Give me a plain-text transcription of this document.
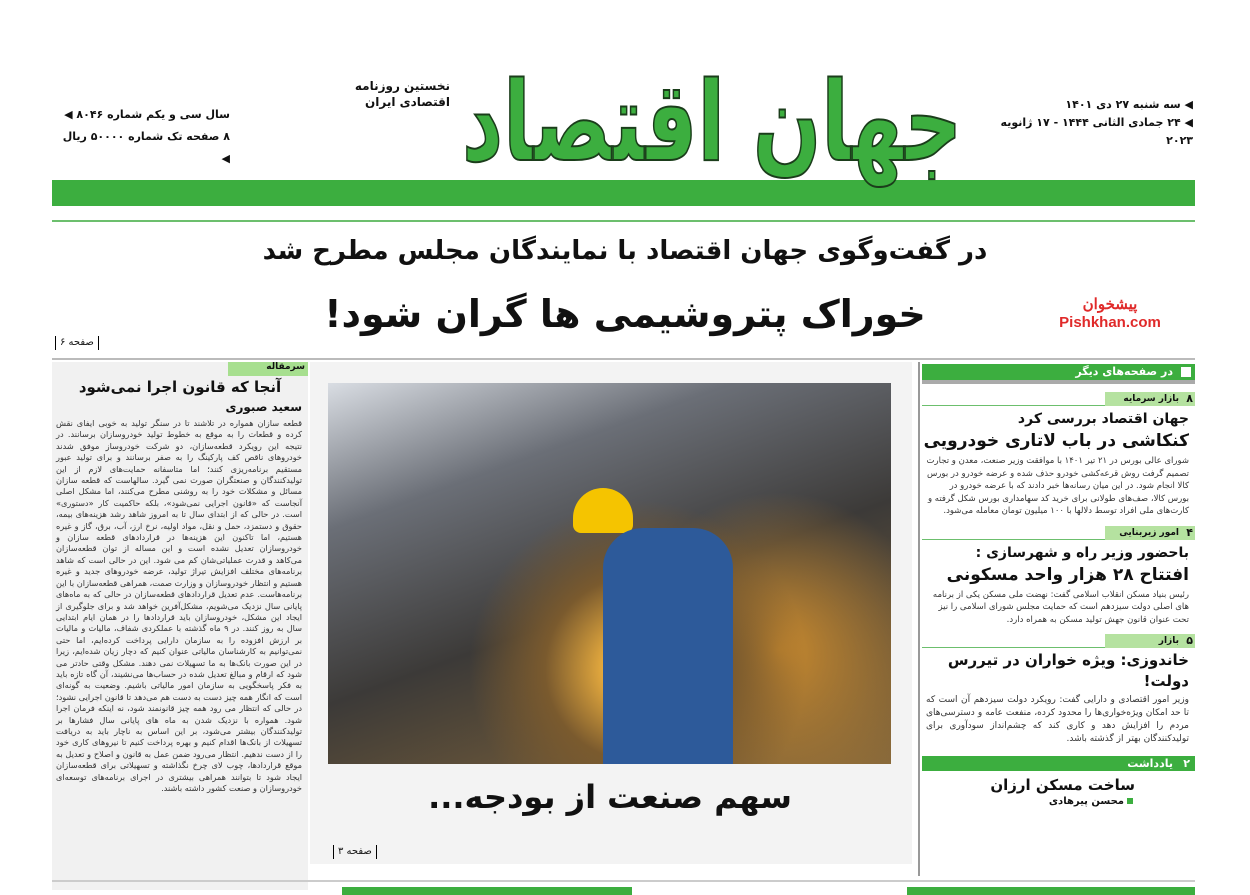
جهان اقتصاد
نخستین روزنامه
اقتصادی ایران
سال سی و یکم شماره ۸۰۴۶ ◀
۸ صفحه تک شماره ۵۰۰۰۰ ریال ◀
◀ سه شنبه ۲۷ دی ۱۴۰۱
◀ ۲۴ جمادی الثانی ۱۴۴۴ - ۱۷ ژانویه ۲۰۲۳
در گفت‌وگوی جهان اقتصاد با نمایندگان مجلس مطرح شد
خوراک پتروشیمی ها گران شود!	پیشخوان
Pishkhan.com
صفحه ۶
سرمقاله
آنجا که قانون اجرا نمی‌شود
سعید صبوری
قطعه سازان همواره در تلاشند تا در سنگر تولید به خوبی ایفای نقش کرده و قطعات را به موقع به خطوط تولید خودروسازان برسانند. در نتیجه این رویکرد قطعه‌سازان، دو شرکت خودروساز موفق شدند خودروهای ناقص کف پارکینگ را به صفر برسانند و برای تولید عبور مستقیم برنامه‌ریزی کنند؛ اما متاسفانه حمایت‌های لازم از این تولیدکنندگان و صنعتگران صورت نمی گیرد. سالهاست که قطعه سازان مسائل و مشکلات خود را به روشنی مطرح می‌کنند، اما مشکل اصلی آنجاست که «قانون اجرایی نمی‌شود»، بلکه حاکمیت کار «دستوری» است. در حالی که از ابتدای سال تا به امروز شاهد رشد هزینه‌های بیمه، حقوق و دستمزد، حمل و نقل، مواد اولیه، نرخ ارز، آب، برق، گاز و غیره هستیم، اما تاکنون این هزینه‌ها در قراردادهای قطعه سازان و خودروسازان تعدیل نشده است و این مساله از توان قطعه‌سازان می‌کاهد و قدرت عملیاتی‌شان کم می شود. این در حالی است که شاهد برنامه‌های مختلف افزایش تیراژ تولید، عرضه خودروهای جدید و غیره هستیم و انتظار خودروسازان و وزارت صمت، همراهی قطعه‌سازان با این برنامه‌هاست. عدم تعدیل قراردادهای قطعه‌سازان در حالی که به ماه‌های پایانی سال نزدیک می‌شویم، مشکل‌آفرین خواهد شد و برای جلوگیری از ایجاد این مشکل، خودروسازان باید قراردادها را در همان ایام ابتدایی سال به روز کنند. در ۹ ماه گذشته با عملکردی شفاف، مالیات و مالیات بر ارزش افزوده را به سازمان دارایی پرداخت کرده‌ایم، اما حتی نمی‌توانیم به کارشناسان مالیاتی عنوان کنیم که دچار زیان شده‌ایم، زیرا در این صورت بانک‌ها به ما تسهیلات نمی دهند. مشکل وقتی حادتر می شود که ارقام و مبالغ تعدیل شده در حساب‌ها می‌نشیند، آن گاه تازه باید به فکر پاسخگویی به سازمان امور مالیاتی باشیم. وضعیت به گونه‌ای است که انگار همه چیز دست به دست هم می‌دهد تا قانون اجرایی نشود؛ در حالی که انتظار می رود همه چیز قانونمند شود، نه اینکه فرمان اجرا شود. همواره با نزدیک شدن به ماه های پایانی سال فشارها بر تولیدکنندگان بیشتر می‌شود، بر این اساس به ناچار باید به دریافت تسهیلات از بانک‌ها اقدام کنیم و بهره پرداخت کنیم تا نیروهای کاری خود را از دست ندهیم. انتظار می‌رود ضمن عمل به قانون و اصلاح و تعدیل به موقع قراردادها، چوب لای چرخ نگذاشته و تسهیلاتی برای قطعه‌سازان ایجاد شود تا بتوانند همراهی بیشتری در اجرای برنامه‌های توسعه‌ای خودروسازان و صنعت کشور داشته باشند.	سهم صنعت از بودجه...
صفحه ۳
در صفحه‌های دیگر
۸
بازار سرمایه
جهان اقتصاد بررسی کرد
کنکاشی در باب لاتاری خودرویی
شورای عالی بورس در ۲۱ تیر ۱۴۰۱ با موافقت وزیر صنعت، معدن و تجارت تصمیم گرفت روش قرعه‌کشی خودرو حذف شده و عرضه خودرو در بورس کالا انجام شود. در این میان رسانه‌ها خبر دادند که با عرضه خودرو در بورس کالا، صف‌های طولانی برای خرید کد سهامداری بورس شکل گرفته و کارت‌های ملی افراد توسط دلالها با ۱۰۰ میلیون تومان معامله می‌شود.
۴
امور زیربنایی
باحضور وزیر راه و شهرسازی :
افتتاح ۲۸ هزار واحد مسکونی
رئیس بنیاد مسکن انقلاب اسلامی گفت: نهضت ملی مسکن یکی از برنامه های اصلی دولت سیزدهم است که حمایت مجلس شورای اسلامی را نیز تحت عنوان قانون جهش تولید مسکن به همراه دارد.
۵
بازار
خاندوزی: ویژه خواران در تیررس دولت!
وزیر امور اقتصادی و دارایی گفت: رویکرد دولت سیزدهم آن است که تا حد امکان ویژه‌خواری‌ها را محدود کرده، منفعت عامه و دسترسی‌های مردم را افزایش دهد و کاری کند که چشم‌انداز سودآوری برای تولیدکنندگان بهتر از گذشته باشد.
۲
یادداشت
ساخت مسکن ارزان
محسن پیرهادی
